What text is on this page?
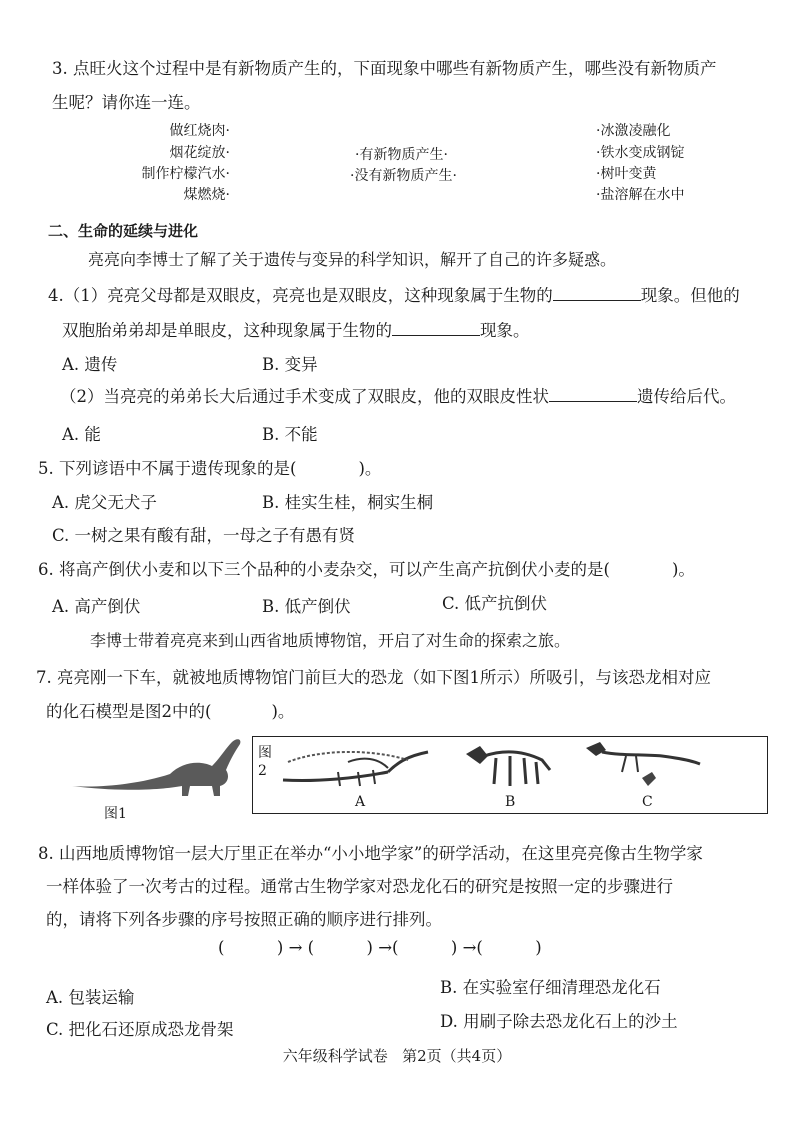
3. 点旺火这个过程中是有新物质产生的，下面现象中哪些有新物质产生，哪些没有新物质产
生呢？请你连一连。
做红烧肉·
烟花绽放·
制作柠檬汽水·
煤燃烧·
·有新物质产生·
·没有新物质产生·
·冰激凌融化
·铁水变成钢锭
·树叶变黄
·盐溶解在水中
二、生命的延续与进化
亮亮向李博士了解了关于遗传与变异的科学知识，解开了自己的许多疑惑。
4.（1）亮亮父母都是双眼皮，亮亮也是双眼皮，这种现象属于生物的	现象。但他的
双胞胎弟弟却是单眼皮，这种现象属于生物的	现象。
A. 遗传	B. 变异
（2）当亮亮的弟弟长大后通过手术变成了双眼皮，他的双眼皮性状	遗传给后代。
A. 能	B. 不能
5. 下列谚语中不属于遗传现象的是(	)。
A. 虎父无犬子	B. 桂实生桂，桐实生桐
C. 一树之果有酸有甜，一母之子有愚有贤
6. 将高产倒伏小麦和以下三个品种的小麦杂交，可以产生高产抗倒伏小麦的是(	)。
A. 高产倒伏	B. 低产倒伏	C. 低产抗倒伏
李博士带着亮亮来到山西省地质博物馆，开启了对生命的探索之旅。
7. 亮亮刚一下车，就被地质博物馆门前巨大的恐龙（如下图1所示）所吸引，与该恐龙相对应
的化石模型是图2中的(	)。
图1
图
2
A	B	C
8. 山西地质博物馆一层大厅里正在举办“小小地学家”的研学活动，在这里亮亮像古生物学家
一样体验了一次考古的过程。通常古生物学家对恐龙化石的研究是按照一定的步骤进行
的，请将下列各步骤的序号按照正确的顺序进行排列。
(          ) → (          ) →(          ) →(          )
A. 包装运输
B. 在实验室仔细清理恐龙化石
C. 把化石还原成恐龙骨架	D. 用刷子除去恐龙化石上的沙土
六年级科学试卷   第2页（共4页）
